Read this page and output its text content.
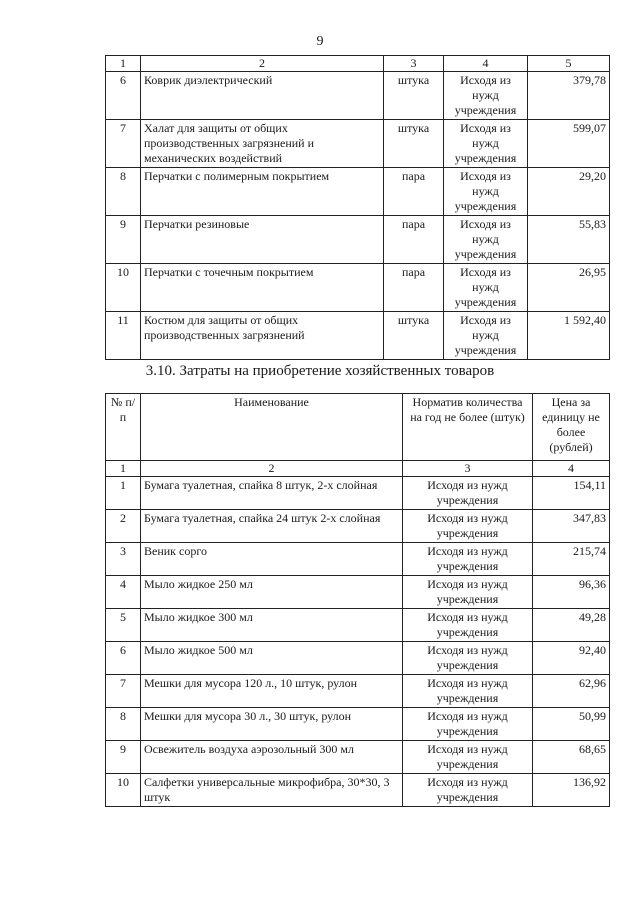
9
1	2	3	4	5
6	Коврик диэлектрический	штука	Исходя из нужд учреждения	379,78
7	Халат для защиты от общих производственных загрязнений и механических воздействий	штука	Исходя из нужд учреждения	599,07
8	Перчатки с полимерным покрытием	пара	Исходя из нужд учреждения	29,20
9	Перчатки резиновые	пара	Исходя из нужд учреждения	55,83
10	Перчатки с точечным покрытием	пара	Исходя из нужд учреждения	26,95
11	Костюм для защиты от общих производственных загрязнений	штука	Исходя из нужд учреждения	1 592,40
3.10. Затраты на приобретение хозяйственных товаров
№ п/п	Наименование	Норматив количества на год не более (штук)	Цена за единицу не более (рублей)
1	2	3	4
1	Бумага туалетная, спайка 8 штук, 2-х слойная	Исходя из нужд учреждения	154,11
2	Бумага туалетная, спайка 24 штук 2-х слойная	Исходя из нужд учреждения	347,83
3	Веник сорго	Исходя из нужд учреждения	215,74
4	Мыло жидкое 250 мл	Исходя из нужд учреждения	96,36
5	Мыло жидкое 300 мл	Исходя из нужд учреждения	49,28
6	Мыло жидкое 500 мл	Исходя из нужд учреждения	92,40
7	Мешки для мусора 120 л., 10 штук, рулон	Исходя из нужд учреждения	62,96
8	Мешки для мусора 30 л., 30 штук, рулон	Исходя из нужд учреждения	50,99
9	Освежитель воздуха аэрозольный 300 мл	Исходя из нужд учреждения	68,65
10	Салфетки универсальные микрофибра, 30*30, 3 штук	Исходя из нужд учреждения	136,92
